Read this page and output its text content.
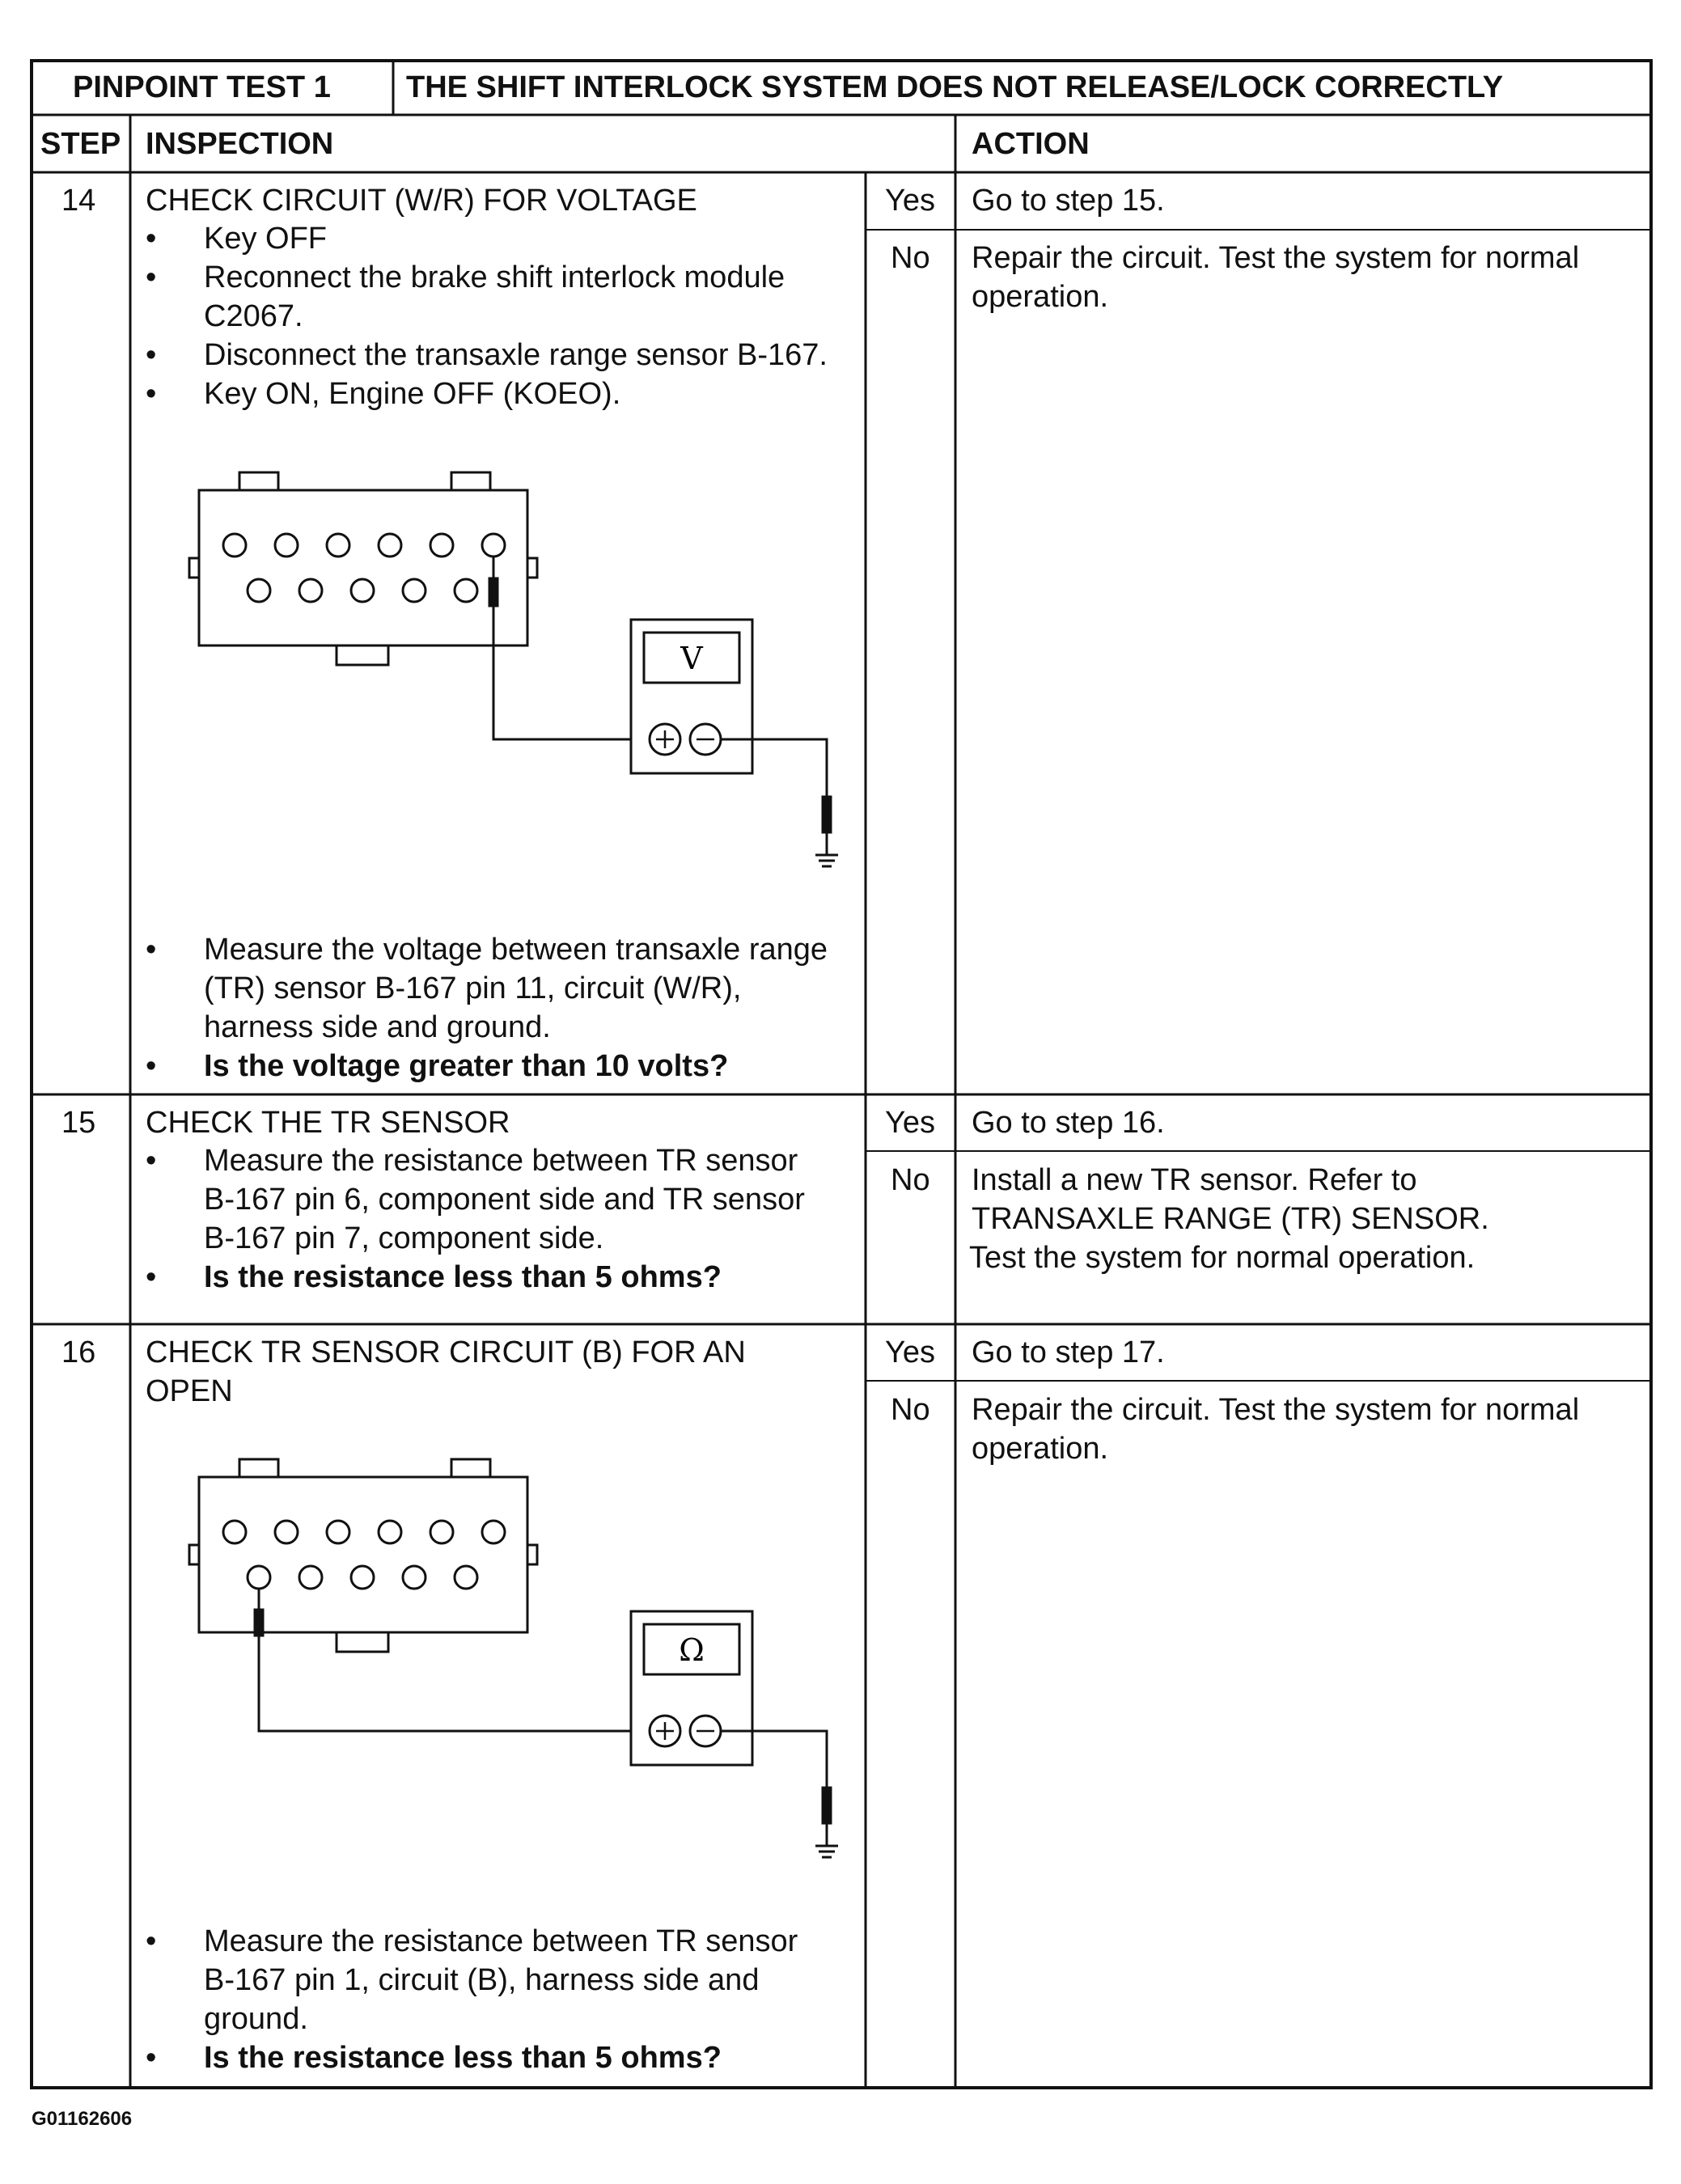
PINPOINT TEST 1 THE SHIFT INTERLOCK SYSTEM DOES NOT RELEASE/LOCK CORRECTLY
STEP INSPECTION	ACTION
14 CHECK CIRCUIT (W/R) FOR VOLTAGE
• Key OFF
• Reconnect the brake shift interlock module
C2067.
• Disconnect the transaxle range sensor B-167.
• Key ON, Engine OFF (KOEO).
V
• Measure the voltage between transaxle range
(TR) sensor B-167 pin 11, circuit (W/R),
harness side and ground.
• Is the voltage greater than 10 volts?
Yes Go to step 15.
No Repair the circuit. Test the system for normal
operation.
15 CHECK THE TR SENSOR
• Measure the resistance between TR sensor
B-167 pin 6, component side and TR sensor
B-167 pin 7, component side.
• Is the resistance less than 5 ohms?
Yes Go to step 16.
No Install a new TR sensor. Refer to
TRANSAXLE RANGE (TR) SENSOR.
Test the system for normal operation.
16 CHECK TR SENSOR CIRCUIT (B) FOR AN
OPEN
Ω
• Measure the resistance between TR sensor
B-167 pin 1, circuit (B), harness side and
ground.
• Is the resistance less than 5 ohms?
Yes Go to step 17.
No Repair the circuit. Test the system for normal
operation.
G01162606
